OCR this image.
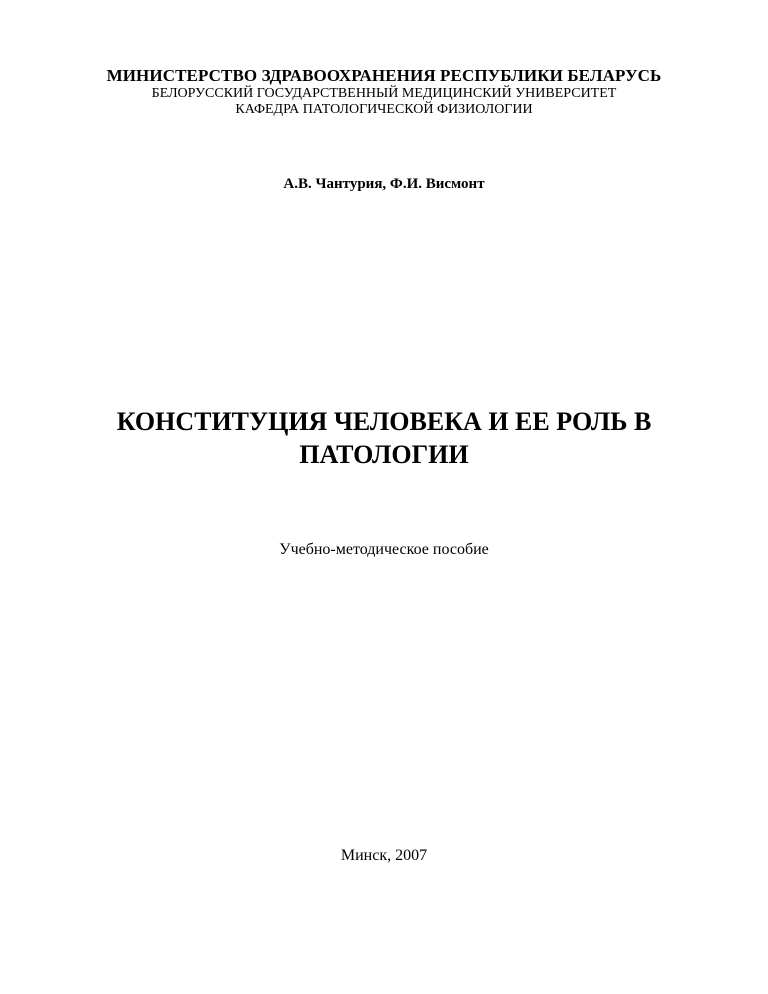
МИНИСТЕРСТВО ЗДРАВООХРАНЕНИЯ РЕСПУБЛИКИ БЕЛАРУСЬ
БЕЛОРУССКИЙ ГОСУДАРСТВЕННЫЙ МЕДИЦИНСКИЙ УНИВЕРСИТЕТ
КАФЕДРА ПАТОЛОГИЧЕСКОЙ ФИЗИОЛОГИИ
А.В. Чантурия, Ф.И. Висмонт
КОНСТИТУЦИЯ ЧЕЛОВЕКА И ЕЕ РОЛЬ В
ПАТОЛОГИИ
Учебно-методическое пособие
Минск, 2007
